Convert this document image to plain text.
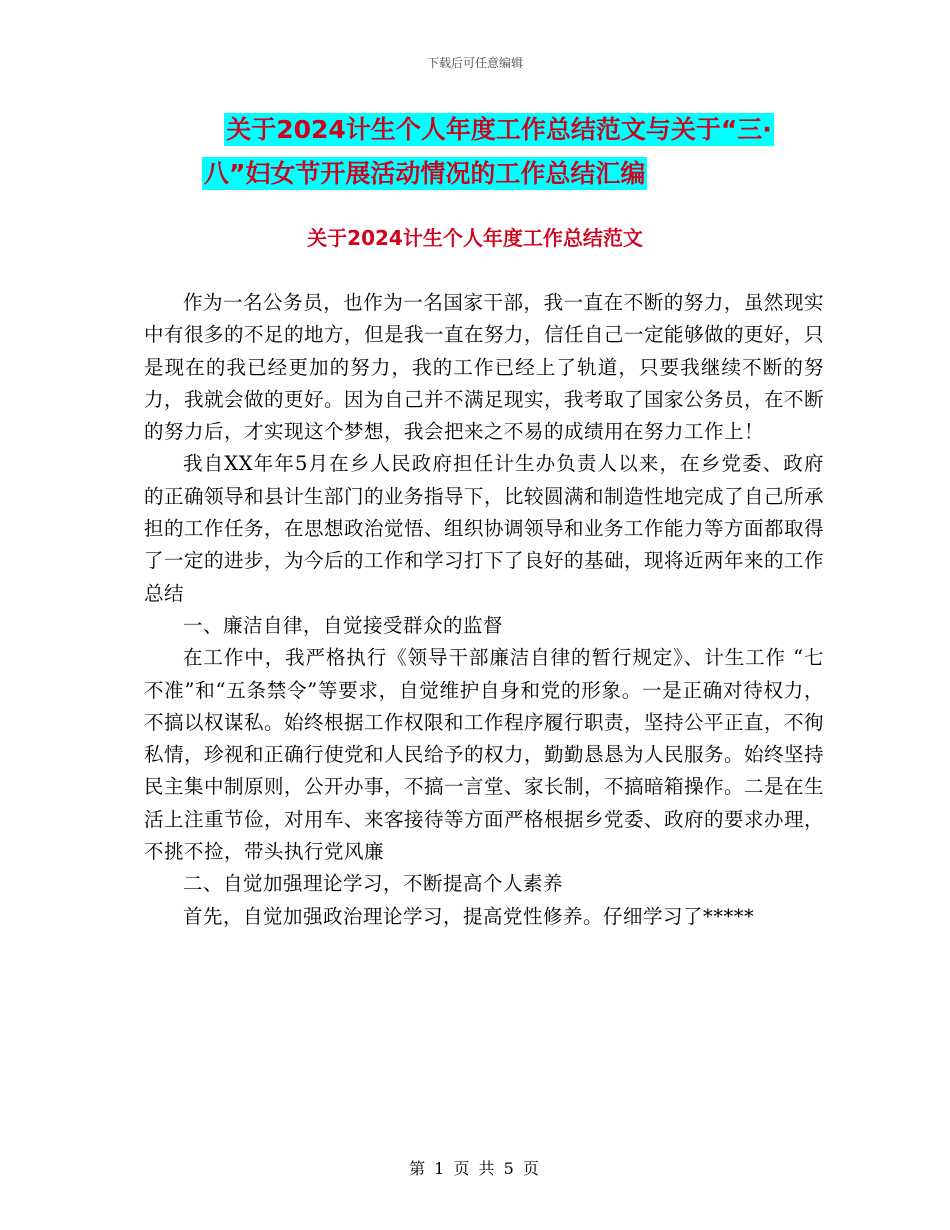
下载后可任意编辑
关于2024计生个人年度工作总结范文与关于“三·
八”妇女节开展活动情况的工作总结汇编
关于2024计生个人年度工作总结范文

作为一名公务员，也作为一名国家干部，我一直在不断的努力，虽然现实中有很多的不足的地方，但是我一直在努力，信任自己一定能够做的更好，只是现在的我已经更加的努力，我的工作已经上了轨道，只要我继续不断的努力，我就会做的更好。因为自己并不满足现实，我考取了国家公务员，在不断的努力后，才实现这个梦想，我会把来之不易的成绩用在努力工作上！

我自XX年年5月在乡人民政府担任计生办负责人以来，在乡党委、政府的正确领导和县计生部门的业务指导下，比较圆满和制造性地完成了自己所承担的工作任务，在思想政治觉悟、组织协调领导和业务工作能力等方面都取得了一定的进步，为今后的工作和学习打下了良好的基础，现将近两年来的工作总结

一、廉洁自律，自觉接受群众的监督

在工作中，我严格执行《领导干部廉洁自律的暂行规定》、计生工作 “七不准”和“五条禁令”等要求，自觉维护自身和党的形象。一是正确对待权力，不搞以权谋私。始终根据工作权限和工作程序履行职责，坚持公平正直，不徇私情，珍视和正确行使党和人民给予的权力，勤勤恳恳为人民服务。始终坚持民主集中制原则，公开办事，不搞一言堂、家长制，不搞暗箱操作。二是在生活上注重节俭，对用车、来客接待等方面严格根据乡党委、政府的要求办理，不挑不捡，带头执行党风廉

二、自觉加强理论学习，不断提高个人素养

首先，自觉加强政治理论学习，提高党性修养。仔细学习了*****

第 1 页 共 5 页
